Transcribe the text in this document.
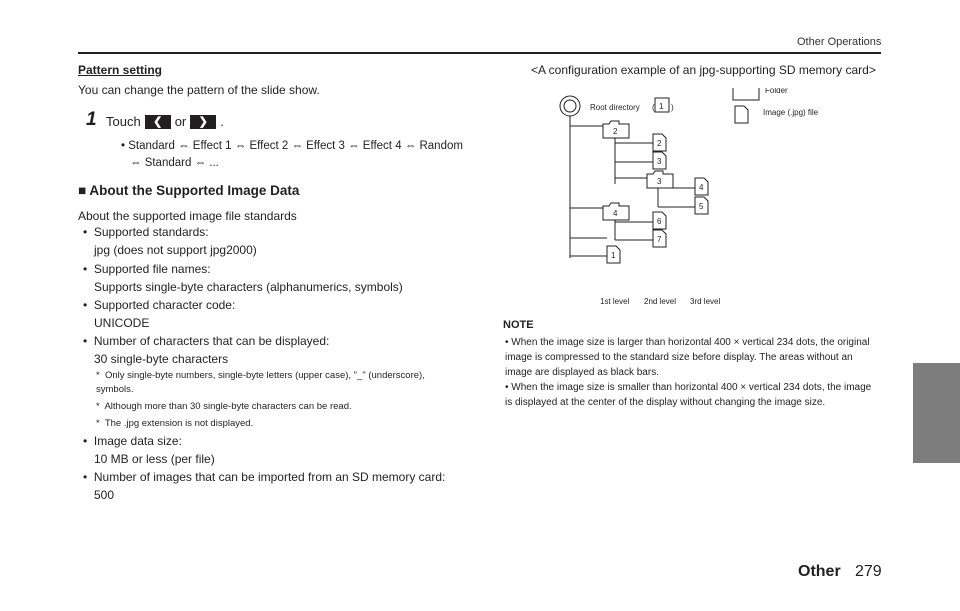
Other Operations
Pattern setting
You can change the pattern of the slide show.
1 Touch ❮ or ❯ .
• Standard ⇔ Effect 1 ⇔ Effect 2 ⇔ Effect 3 ⇔ Effect 4 ⇔ Random
⇔ Standard ⇔ ...
■ About the Supported Image Data
About the supported image file standards
• Supported standards:
jpg (does not support jpg2000)
• Supported file names:
Supports single-byte characters (alphanumerics, symbols)
• Supported character code:
UNICODE
• Number of characters that can be displayed:
30 single-byte characters
* Only single-byte numbers, single-byte letters (upper case), "_" (underscore), symbols.
* Although more than 30 single-byte characters can be read.
* The .jpg extension is not displayed.
• Image data size:
10 MB or less (per file)
• Number of images that can be imported from an SD memory card:
500
<A configuration example of an jpg-supporting SD memory card>
Root directory ( )
1
2
2
3
3
4
5
4
6
7
1
Folder
Image (.jpg) file
1st level 2nd level 3rd level
NOTE
• When the image size is larger than horizontal 400 × vertical 234 dots, the original image is compressed to the standard size before display. The areas without an image are displayed as black bars.
• When the image size is smaller than horizontal 400 × vertical 234 dots, the image is displayed at the center of the display without changing the image size.
Other 279
